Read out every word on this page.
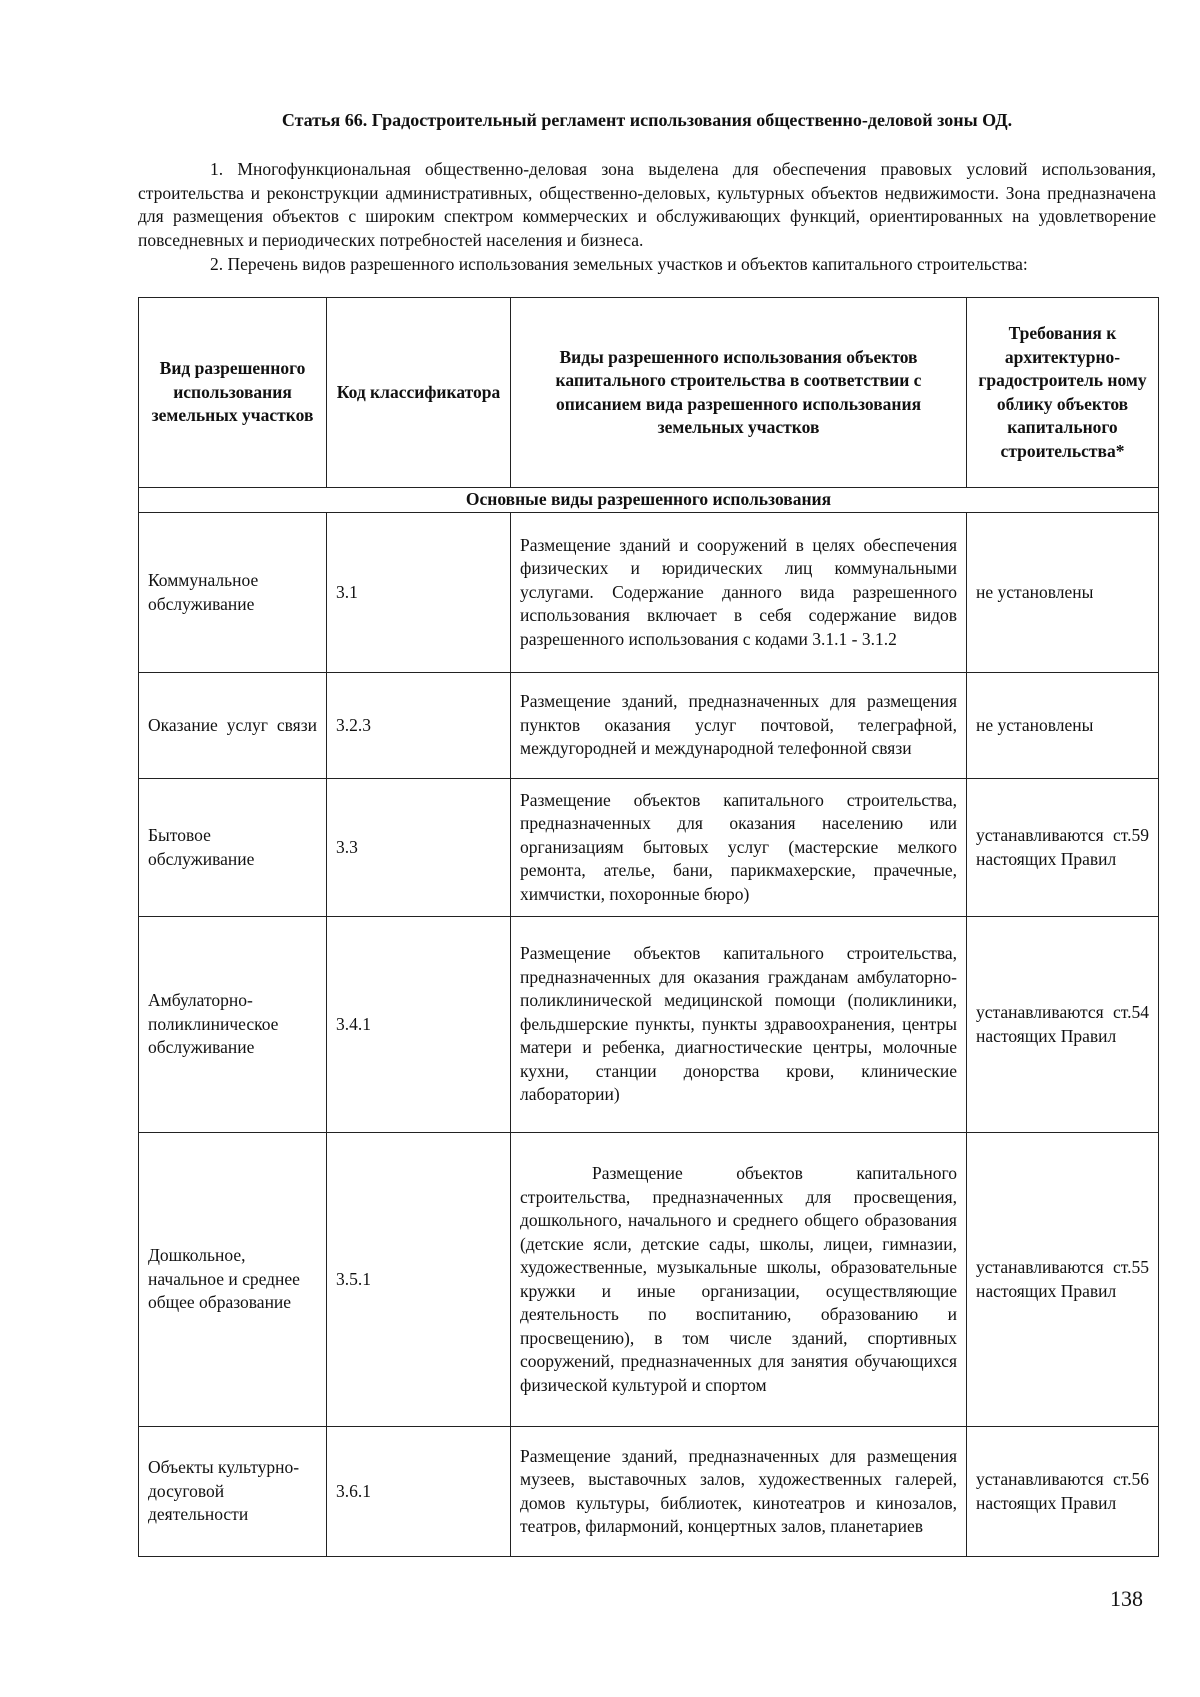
Статья 66. Градостроительный регламент использования общественно-деловой зоны ОД.

1. Многофункциональная общественно-деловая зона выделена для обеспечения правовых условий использования, строительства и реконструкции административных, общественно-деловых, культурных объектов недвижимости. Зона предназначена для размещения объектов с широким спектром коммерческих и обслуживающих функций, ориентированных на удовлетворение повседневных и периодических потребностей населения и бизнеса.

2. Перечень видов разрешенного использования земельных участков и объектов капитального строительства:

Вид разрешенного использования земельных участков	Код классификатора	Виды разрешенного использования объектов капитального строительства в соответствии с описанием вида разрешенного использования земельных участков	Требования к архитектурно-градостроитель ному облику объектов капитального строительства*
Основные виды разрешенного использования			
Коммунальное обслуживание	3.1	Размещение зданий и сооружений в целях обеспечения физических и юридических лиц коммунальными услугами. Содержание данного вида разрешенного использования включает в себя содержание видов разрешенного использования с кодами 3.1.1 - 3.1.2	не установлены
Оказание услуг связи	3.2.3	Размещение зданий, предназначенных для размещения пунктов оказания услуг почтовой, телеграфной, междугородней и международной телефонной связи	не установлены
Бытовое обслуживание	3.3	Размещение объектов капитального строительства, предназначенных для оказания населению или организациям бытовых услуг (мастерские мелкого ремонта, ателье, бани, парикмахерские, прачечные, химчистки, похоронные бюро)	устанавливаются ст.59 настоящих Правил
Амбулаторно-поликлиническое обслуживание	3.4.1	Размещение объектов капитального строительства, предназначенных для оказания гражданам амбулаторно-поликлинической медицинской помощи (поликлиники, фельдшерские пункты, пункты здравоохранения, центры матери и ребенка, диагностические центры, молочные кухни, станции донорства крови, клинические лаборатории)	устанавливаются ст.54 настоящих Правил
Дошкольное, начальное и среднее общее образование	3.5.1	Размещение объектов капитального строительства, предназначенных для просвещения, дошкольного, начального и среднего общего образования (детские ясли, детские сады, школы, лицеи, гимназии, художественные, музыкальные школы, образовательные кружки и иные организации, осуществляющие деятельность по воспитанию, образованию и просвещению), в том числе зданий, спортивных сооружений, предназначенных для занятия обучающихся физической культурой и спортом	устанавливаются ст.55 настоящих Правил
Объекты культурно-досуговой деятельности	3.6.1	Размещение зданий, предназначенных для размещения музеев, выставочных залов, художественных галерей, домов культуры, библиотек, кинотеатров и кинозалов, театров, филармоний, концертных залов, планетариев	устанавливаются ст.56 настоящих Правил
138
